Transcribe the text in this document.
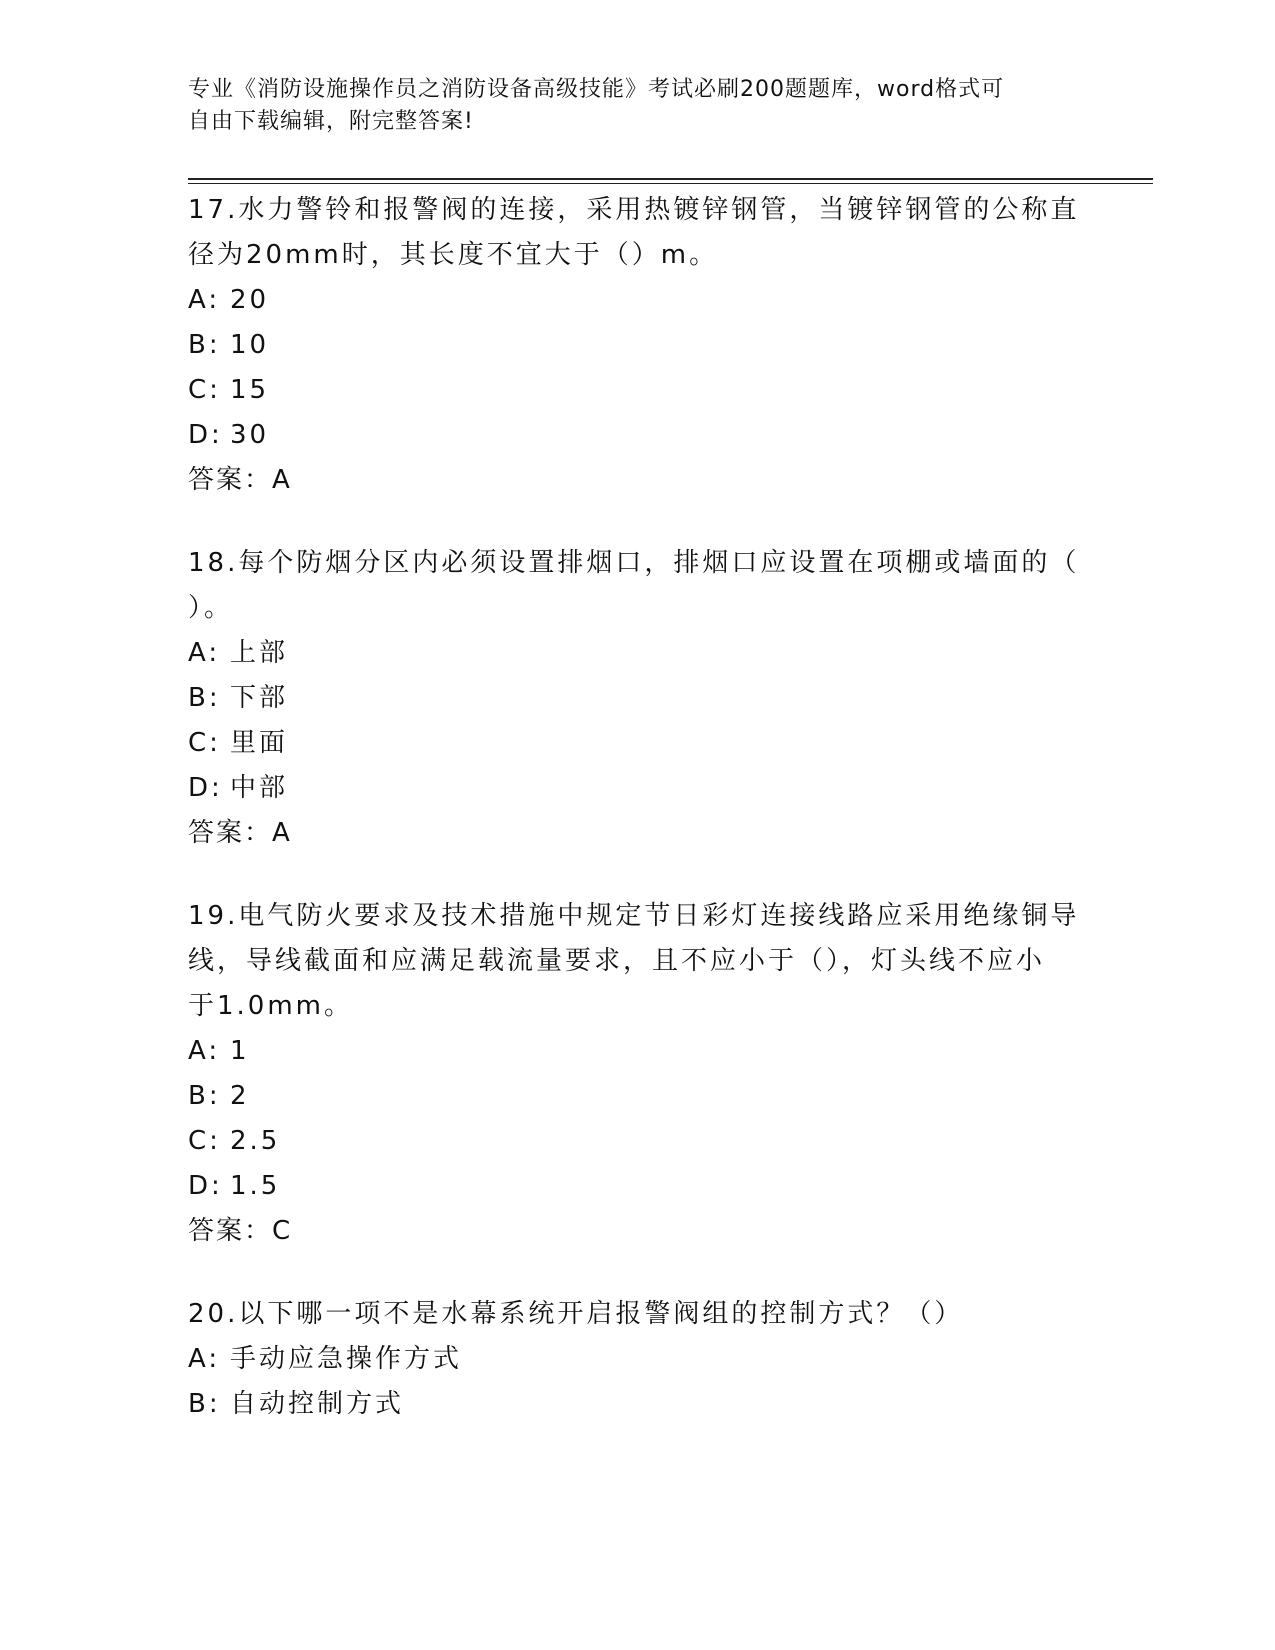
专业《消防设施操作员之消防设备高级技能》考试必刷200题题库，word格式可
自由下载编辑，附完整答案!
17.水力警铃和报警阀的连接，采用热镀锌钢管，当镀锌钢管的公称直
径为20mm时，其长度不宜大于（）m。
A: 20
B: 10
C: 15
D: 30
答案：A
18.每个防烟分区内必须设置排烟口，排烟口应设置在项棚或墙面的（
）。
A: 上部
B: 下部
C: 里面
D: 中部
答案：A
19.电气防火要求及技术措施中规定节日彩灯连接线路应采用绝缘铜导
线，导线截面和应满足载流量要求，且不应小于（），灯头线不应小
于1.0mm。
A: 1
B: 2
C: 2.5
D: 1.5
答案：C
20.以下哪一项不是水幕系统开启报警阀组的控制方式？（）
A: 手动应急操作方式
B: 自动控制方式
